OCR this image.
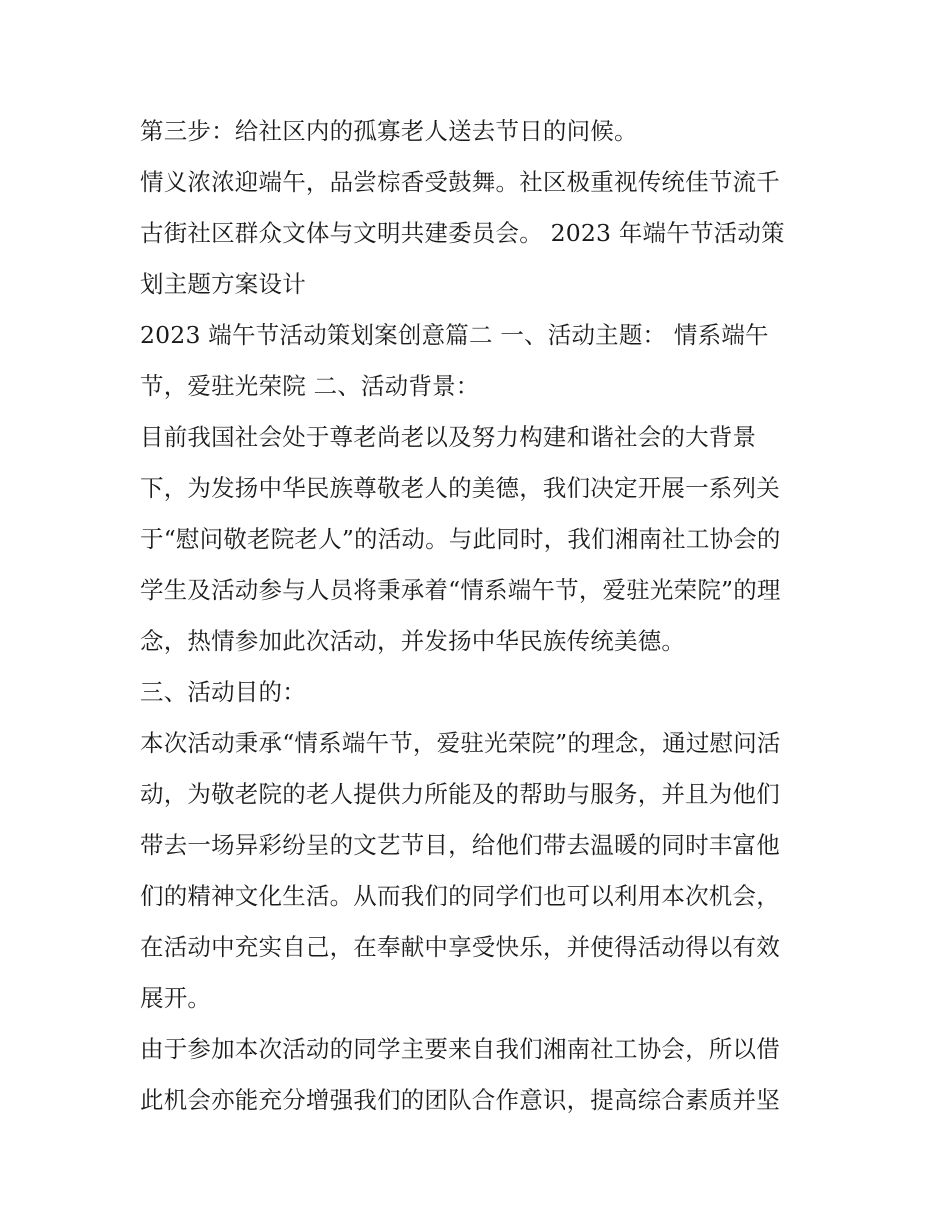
第三步：给社区内的孤寡老人送去节日的问候。
情义浓浓迎端午，品尝棕香受鼓舞。社区极重视传统佳节流千
古街社区群众文体与文明共建委员会。 2023 年端午节活动策
划主题方案设计
2023 端午节活动策划案创意篇二 一、活动主题： 情系端午
节，爱驻光荣院 二、活动背景：
目前我国社会处于尊老尚老以及努力构建和谐社会的大背景
下，为发扬中华民族尊敬老人的美德，我们决定开展一系列关
于“慰问敬老院老人”的活动。与此同时，我们湘南社工协会的
学生及活动参与人员将秉承着“情系端午节，爱驻光荣院”的理
念，热情参加此次活动，并发扬中华民族传统美德。
三、活动目的：
本次活动秉承“情系端午节，爱驻光荣院”的理念，通过慰问活
动，为敬老院的老人提供力所能及的帮助与服务，并且为他们
带去一场异彩纷呈的文艺节目，给他们带去温暖的同时丰富他
们的精神文化生活。从而我们的同学们也可以利用本次机会，
在活动中充实自己，在奉献中享受快乐，并使得活动得以有效
展开。
由于参加本次活动的同学主要来自我们湘南社工协会，所以借
此机会亦能充分增强我们的团队合作意识，提高综合素质并坚
